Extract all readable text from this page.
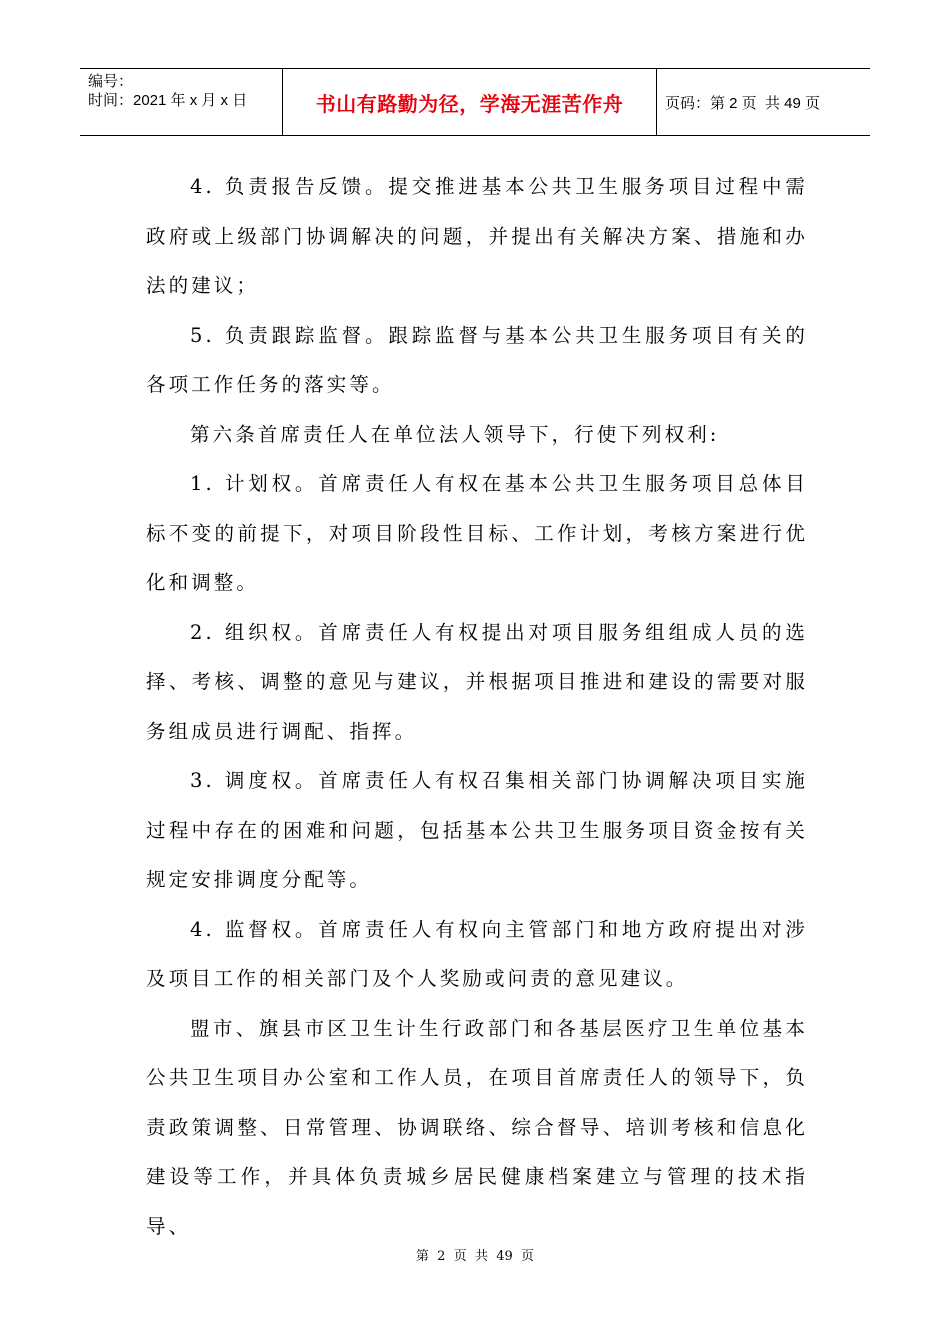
编号：
时间：2021 年 x 月 x 日	书山有路勤为径，学海无涯苦作舟	页码：第 2 页  共 49 页

4. 负责报告反馈。提交推进基本公共卫生服务项目过程中需政府或上级部门协调解决的问题，并提出有关解决方案、措施和办法的建议；

5. 负责跟踪监督。跟踪监督与基本公共卫生服务项目有关的各项工作任务的落实等。

第六条首席责任人在单位法人领导下，行使下列权利:

1. 计划权。首席责任人有权在基本公共卫生服务项目总体目标不变的前提下，对项目阶段性目标、工作计划，考核方案进行优化和调整。

2. 组织权。首席责任人有权提出对项目服务组组成人员的选择、考核、调整的意见与建议，并根据项目推进和建设的需要对服务组成员进行调配、指挥。

3. 调度权。首席责任人有权召集相关部门协调解决项目实施过程中存在的困难和问题，包括基本公共卫生服务项目资金按有关规定安排调度分配等。

4. 监督权。首席责任人有权向主管部门和地方政府提出对涉及项目工作的相关部门及个人奖励或问责的意见建议。

盟市、旗县市区卫生计生行政部门和各基层医疗卫生单位基本公共卫生项目办公室和工作人员，在项目首席责任人的领导下，负责政策调整、日常管理、协调联络、综合督导、培训考核和信息化建设等工作，并具体负责城乡居民健康档案建立与管理的技术指导、

第  2  页  共  49  页
